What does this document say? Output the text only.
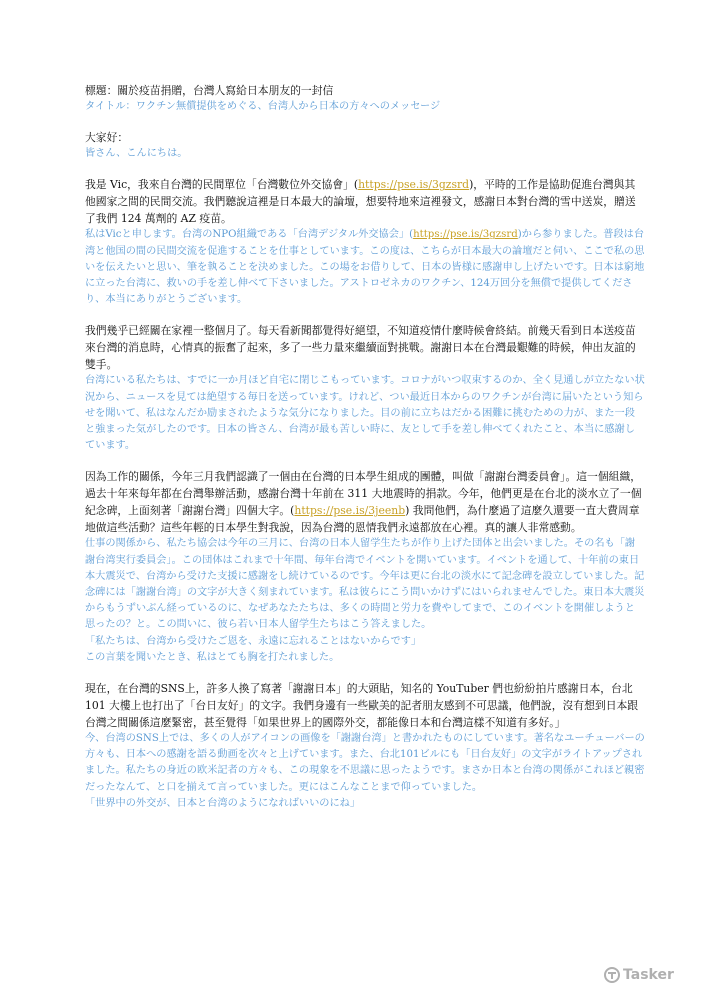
標題：關於疫苗捐贈，台灣人寫給日本朋友的一封信

タイトル：ワクチン無償提供をめぐる、台湾人から日本の方々へのメッセージ

大家好：

皆さん、こんにちは。

我是 Vic，我來自台灣的民間單位「台灣數位外交協會」(https://pse.is/3gzsrd)，平時的工作是協助促進台灣與其他國家之間的民間交流。我們聽說這裡是日本最大的論壇，想要特地來這裡發文，感謝日本對台灣的雪中送炭，贈送了我們 124 萬劑的 AZ 疫苗。

私はVicと申します。台湾のNPO組織である「台湾デジタル外交協会」(https://pse.is/3gzsrd)から参りました。普段は台湾と他国の間の民間交流を促進することを仕事としています。この度は、こちらが日本最大の論壇だと伺い、ここで私の思いを伝えたいと思い、筆を執ることを決めました。この場をお借りして、日本の皆様に感謝申し上げたいです。日本は窮地に立った台湾に、救いの手を差し伸べて下さいました。アストロゼネカのワクチン、124万回分を無償で提供してくださり、本当にありがとうございます。

我們幾乎已經關在家裡一整個月了。每天看新聞都覺得好絕望，不知道疫情什麼時候會終結。前幾天看到日本送疫苗來台灣的消息時，心情真的振奮了起來，多了一些力量來繼續面對挑戰。謝謝日本在台灣最艱難的時候，伸出友誼的雙手。

台湾にいる私たちは、すでに一か月ほど自宅に閉じこもっています。コロナがいつ収束するのか、全く見通しが立たない状況から、ニュースを見ては絶望する毎日を送っています。けれど、つい最近日本からのワクチンが台湾に届いたという知らせを聞いて、私はなんだか励まされたような気分になりました。目の前に立ちはだかる困難に挑むための力が、また一段と強まった気がしたのです。日本の皆さん、台湾が最も苦しい時に、友として手を差し伸べてくれたこと、本当に感謝しています。

因為工作的關係，今年三月我們認識了一個由在台灣的日本學生組成的團體，叫做「謝謝台灣委員會」。這一個組織，過去十年來每年都在台灣舉辦活動，感謝台灣十年前在 311 大地震時的捐款。今年，他們更是在台北的淡水立了一個紀念碑，上面刻著「謝謝台灣」四個大字。(https://pse.is/3jeenb) 我問他們，為什麼過了這麼久還要一直大費周章地做這些活動？這些年輕的日本學生對我說，因為台灣的恩情我們永遠都放在心裡。真的讓人非常感動。

仕事の関係から、私たち協会は今年の三月に、台湾の日本人留学生たちが作り上げた団体と出会いました。その名も「謝謝台湾実行委員会」。この団体はこれまで十年間、毎年台湾でイベントを開いています。イベントを通して、十年前の東日本大震災で、台湾から受けた支援に感謝をし続けているのです。今年は更に台北の淡水にて記念碑を設立していました。記念碑には「謝謝台湾」の文字が大きく刻まれています。私は彼らにこう問いかけずにはいられませんでした。東日本大震災からもうずいぶん経っているのに、なぜあなたたちは、多くの時間と労力を費やしてまで、このイベントを開催しようと思ったの？と。この問いに、彼ら若い日本人留学生たちはこう答えました。

「私たちは、台湾から受けたご恩を、永遠に忘れることはないからです」

この言葉を聞いたとき、私はとても胸を打たれました。

現在，在台灣的SNS上，許多人換了寫著「謝謝日本」的大頭貼，知名的 YouTuber 們也紛紛拍片感謝日本，台北 101 大樓上也打出了「台日友好」的文字。我們身邊有一些歐美的記者朋友感到不可思議，他們說，沒有想到日本跟台灣之間關係這麼緊密，甚至覺得「如果世界上的國際外交，都能像日本和台灣這樣不知道有多好。」

今、台湾のSNS上では、多くの人がアイコンの画像を「謝謝台湾」と書かれたものにしています。著名なユーチューバーの方々も、日本への感謝を語る動画を次々と上げています。また、台北101ビルにも「日台友好」の文字がライトアップされました。私たちの身近の欧米記者の方々も、この現象を不思議に思ったようです。まさか日本と台湾の関係がこれほど親密だったなんて、と口を揃えて言っていました。更にはこんなことまで仰っていました。

「世界中の外交が、日本と台湾のようになればいいのにね」

Tasker
